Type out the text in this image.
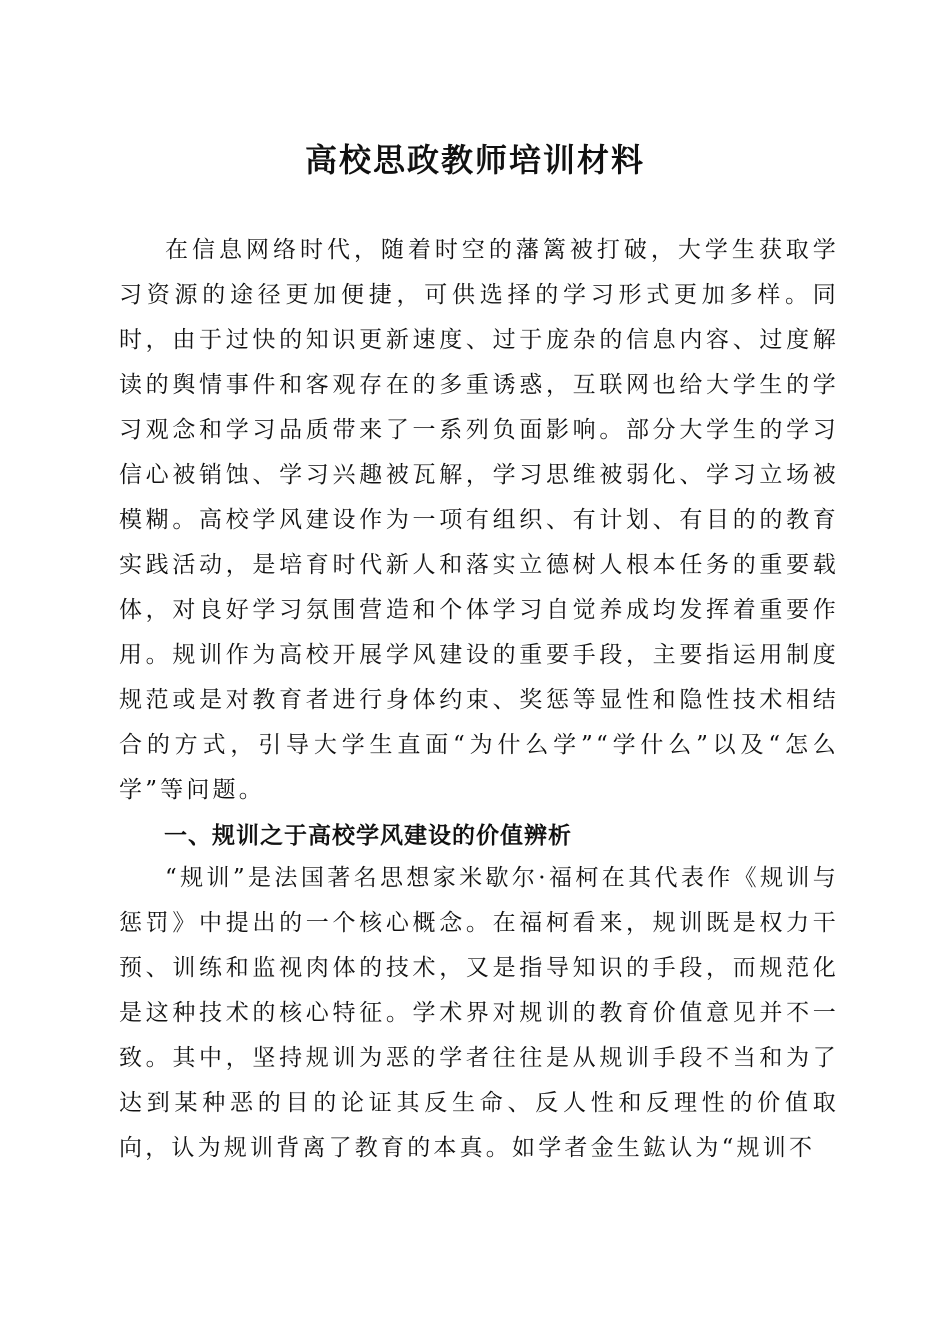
高校思政教师培训材料

在信息网络时代，随着时空的藩篱被打破，大学生获取学习资源的途径更加便捷，可供选择的学习形式更加多样。同时，由于过快的知识更新速度、过于庞杂的信息内容、过度解读的舆情事件和客观存在的多重诱惑，互联网也给大学生的学习观念和学习品质带来了一系列负面影响。部分大学生的学习信心被销蚀、学习兴趣被瓦解，学习思维被弱化、学习立场被模糊。高校学风建设作为一项有组织、有计划、有目的的教育实践活动，是培育时代新人和落实立德树人根本任务的重要载体，对良好学习氛围营造和个体学习自觉养成均发挥着重要作用。规训作为高校开展学风建设的重要手段，主要指运用制度规范或是对教育者进行身体约束、奖惩等显性和隐性技术相结合的方式，引导大学生直面“为什么学”“学什么”以及“怎么学”等问题。

一、规训之于高校学风建设的价值辨析

“规训”是法国著名思想家米歇尔·福柯在其代表作《规训与惩罚》中提出的一个核心概念。在福柯看来，规训既是权力干预、训练和监视肉体的技术，又是指导知识的手段，而规范化是这种技术的核心特征。学术界对规训的教育价值意见并不一致。其中，坚持规训为恶的学者往往是从规训手段不当和为了达到某种恶的目的论证其反生命、反人性和反理性的价值取向，认为规训背离了教育的本真。如学者金生鈜认为“规训不
